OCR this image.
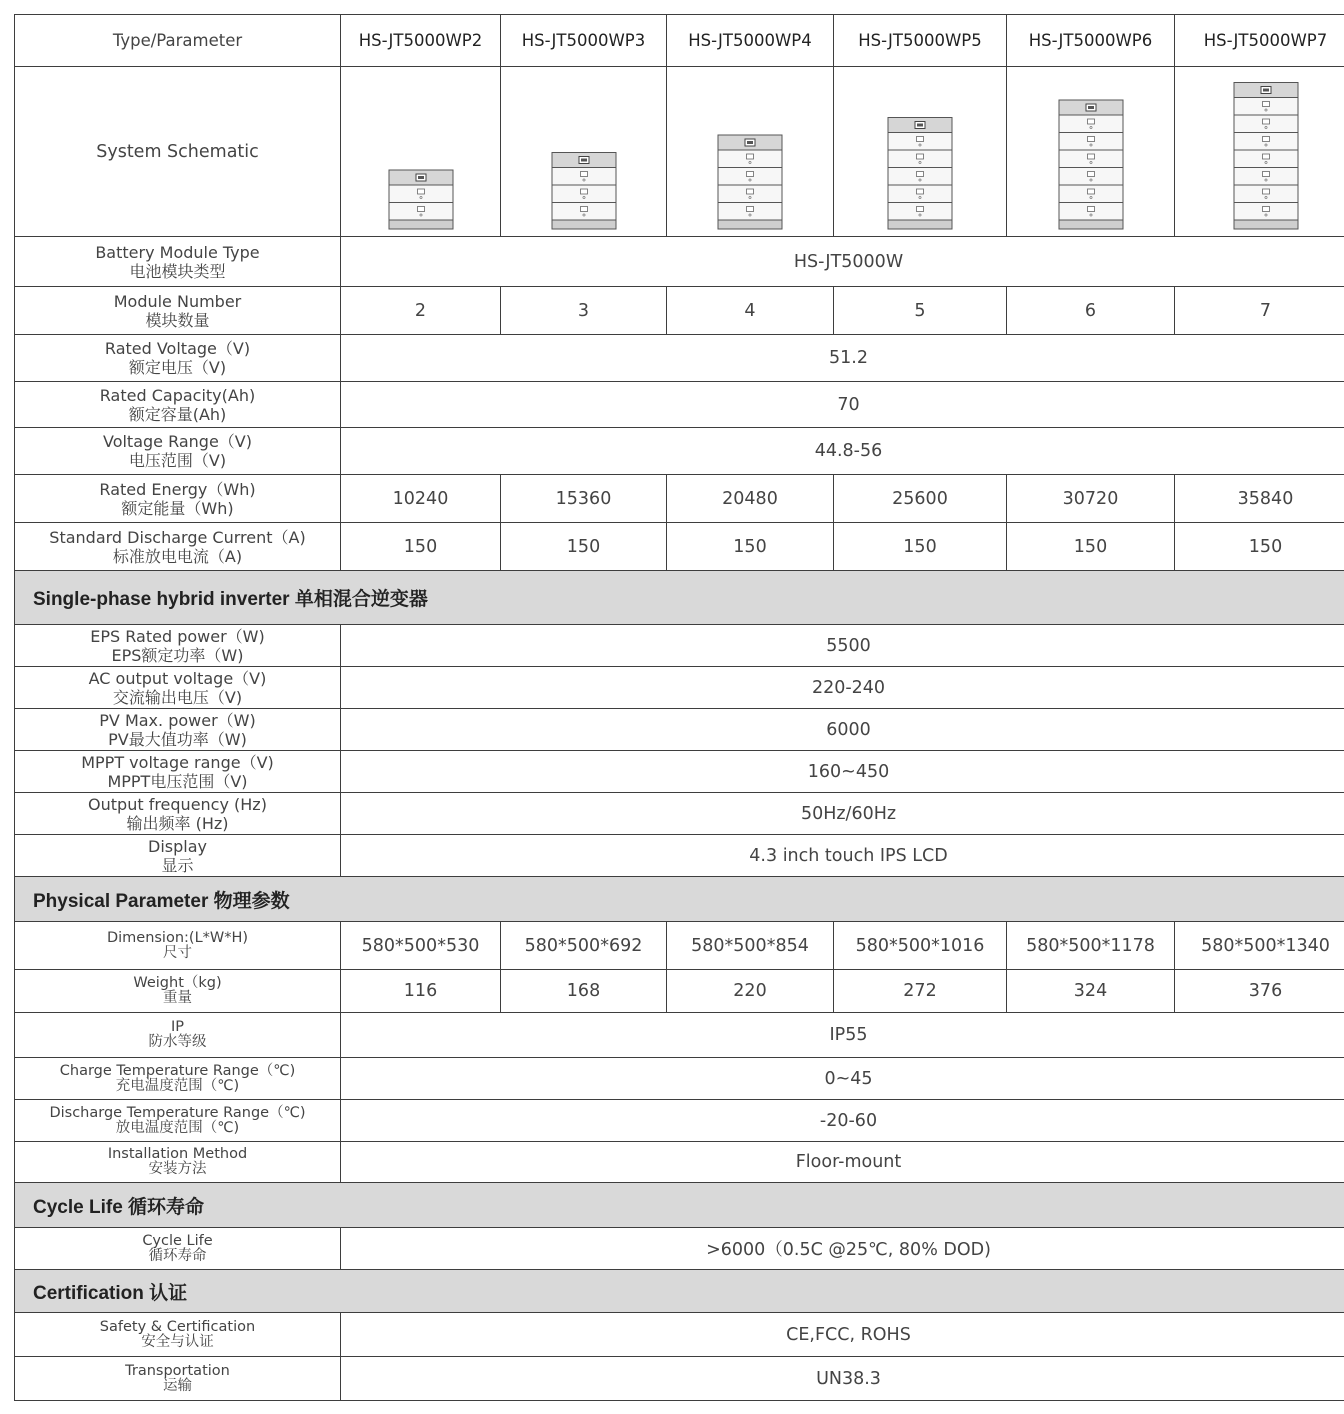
Type/Parameter	HS-JT5000WP2	HS-JT5000WP3	HS-JT5000WP4	HS-JT5000WP5	HS-JT5000WP6	HS-JT5000WP7
System Schematic	

Battery Module Type
电池模块类型	HS-JT5000W					

Module Number
模块数量	2	3	4	5	6	7

Rated Voltage（V)
额定电压（V)	51.2					

Rated Capacity(Ah)
额定容量(Ah)	70					

Voltage Range（V)
电压范围（V)	44.8-56					

Rated Energy（Wh)
额定能量（Wh)	10240	15360	20480	25600	30720	35840

Standard Discharge Current（A)
标准放电电流（A)	150	150	150	150	150	150
Single-phase hybrid inverter 单相混合逆变器						

EPS Rated power（W)
EPS额定功率（W)	5500					

AC output voltage（V)
交流输出电压（V)	220-240					

PV Max. power（W)
PV最大值功率（W)	6000					

MPPT voltage range（V)
MPPT电压范围（V)	160~450					

Output frequency (Hz)
输出频率 (Hz)	50Hz/60Hz					

Display
显示	4.3 inch touch IPS LCD					
Physical Parameter 物理参数						

Dimension:(L*W*H)
尺寸	580*500*530	580*500*692	580*500*854	580*500*1016	580*500*1178	580*500*1340

Weight（kg)
重量	116	168	220	272	324	376

IP
防水等级	IP55					

Charge Temperature Range（℃)
充电温度范围（℃)	0~45					

Discharge Temperature Range（℃)
放电温度范围（℃)	-20-60					

Installation Method
安装方法	Floor-mount					
Cycle Life 循环寿命						

Cycle Life
循环寿命	>6000（0.5C @25℃, 80% DOD)					
Certification 认证						

Safety & Certification
安全与认证	CE,FCC, ROHS					

Transportation
运输	UN38.3					
